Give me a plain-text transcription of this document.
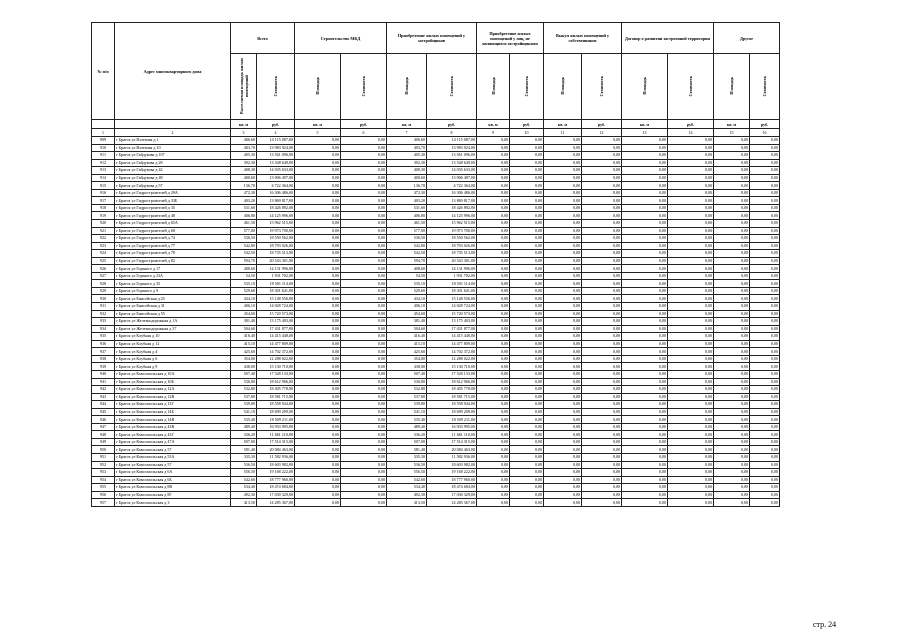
№ п/п	Адрес многоквартирного дома	Всего		Строительство МКД		Приобретение жилых помещений у застройщиков		Приобретение жилых помещений у лиц, не являющихся застройщиками		Выкуп жилых помещений у собственников		Договор о развитии застроенной территории		Другое	
		Расселяемая площадь жилых помещений	Стоимость	Площадь	Стоимость	Площадь	Стоимость	Площадь	Стоимость	Площадь	Стоимость	Площадь	Стоимость	Площадь	Стоимость
		кв. м	руб.	кв. м	руб.	кв. м	руб.	кв. м	руб.	кв. м	руб.	кв. м	руб.	кв. м	руб.
1	2	3	4	5	6	7	8	9	10	11	12	13	14	15	16
909	г Братск ул Взлетная д 1	406,60	14 115 087,00	0,00	0,00	406,60	14 115 087,00	0,00	0,00	0,00	0,00	0,00	0,00	0,00	0,00
910	г Братск ул Взлетная д 10	403,70	13 983 924,00	0,00	0,00	403,70	13 983 924,00	0,00	0,00	0,00	0,00	0,00	0,00	0,00	0,00
911	г Братск ул Гайдукова д 107	405,30	13 561 096,00	0,00	0,00	405,30	13 561 096,00	0,00	0,00	0,00	0,00	0,00	0,00	0,00	0,00
912	г Братск ул Гайдукова д 28	392,30	13 548 649,00	0,00	0,00	392,30	13 548 649,00	0,00	0,00	0,00	0,00	0,00	0,00	0,00	0,00
913	г Братск ул Гайдукова д 42	408,30	14 035 633,00	0,00	0,00	408,30	14 035 633,00	0,00	0,00	0,00	0,00	0,00	0,00	0,00	0,00
914	г Братск ул Гайдукова д 48	400,60	13 906 497,00	0,00	0,00	400,60	13 906 497,00	0,00	0,00	0,00	0,00	0,00	0,00	0,00	0,00
915	г Братск ул Гайдукова д 57	136,70	4 722 364,00	0,00	0,00	136,70	4 722 364,00	0,00	0,00	0,00	0,00	0,00	0,00	0,00	0,00
916	г Братск ул Гидростроителей д 29А	472,30	16 306 486,00	0,00	0,00	472,30	16 306 486,00	0,00	0,00	0,00	0,00	0,00	0,00	0,00	0,00
917	г Братск ул Гидростроителей д 33Б	403,20	13 869 817,00	0,00	0,00	403,20	13 869 817,00	0,00	0,00	0,00	0,00	0,00	0,00	0,00	0,00
918	г Братск ул Гидростроителей д 35	531,60	18 426 892,00	0,00	0,00	531,60	18 426 892,00	0,00	0,00	0,00	0,00	0,00	0,00	0,00	0,00
919	г Братск ул Гидростроителей д 48	406,80	14 125 996,00	0,00	0,00	406,80	14 125 996,00	0,00	0,00	0,00	0,00	0,00	0,00	0,00	0,00
920	г Братск ул Гидростроителей д 65А	461,50	15 962 515,00	0,00	0,00	461,50	15 962 515,00	0,00	0,00	0,00	0,00	0,00	0,00	0,00	0,00
921	г Братск ул Гидростроителей д 68	577,00	19 973 700,00	0,00	0,00	577,00	19 973 700,00	0,00	0,00	0,00	0,00	0,00	0,00	0,00	0,00
922	г Братск ул Гидростроителей д 74	536,50	18 550 562,00	0,00	0,00	536,50	18 550 562,00	0,00	0,00	0,00	0,00	0,00	0,00	0,00	0,00
923	г Братск ул Гидростроителей д 77	542,80	18 793 026,00	0,00	0,00	542,80	18 793 026,00	0,00	0,00	0,00	0,00	0,00	0,00	0,00	0,00
924	г Братск ул Гидростроителей д 78	542,50	18 735 513,00	0,00	0,00	542,50	18 735 513,00	0,00	0,00	0,00	0,00	0,00	0,00	0,00	0,00
925	г Братск ул Гидростроителей д 82	594,70	20 543 301,00	0,00	0,00	594,70	20 543 301,00	0,00	0,00	0,00	0,00	0,00	0,00	0,00	0,00
926	г Братск ул Горького д 17	408,60	14 131 996,00	0,00	0,00	408,60	14 131 996,00	0,00	0,00	0,00	0,00	0,00	0,00	0,00	0,00
927	г Братск ул Горького д 23А	54,50	1 931 702,00	0,00	0,00	54,50	1 931 702,00	0,00	0,00	0,00	0,00	0,00	0,00	0,00	0,00
928	г Братск ул Горького д 35	535,10	18 501 114,00	0,00	0,00	535,10	18 501 114,00	0,00	0,00	0,00	0,00	0,00	0,00	0,00	0,00
929	г Братск ул Горького д 9	529,60	18 301 641,00	0,00	0,00	529,60	18 301 641,00	0,00	0,00	0,00	0,00	0,00	0,00	0,00	0,00
930	г Братск ул Енисейская д 25	434,10	15 148 556,00	0,00	0,00	434,10	15 148 556,00	0,00	0,00	0,00	0,00	0,00	0,00	0,00	0,00
931	г Братск ул Енисейская д 31	406,10	14 028 724,00	0,00	0,00	406,10	14 028 724,00	0,00	0,00	0,00	0,00	0,00	0,00	0,00	0,00
932	г Братск ул Енисейская д 55	454,60	15 720 573,00	0,00	0,00	454,60	15 720 573,00	0,00	0,00	0,00	0,00	0,00	0,00	0,00	0,00
933	г Братск ул Железнодорожная д 1А	381,40	13 175 403,00	0,00	0,00	381,40	13 175 403,00	0,00	0,00	0,00	0,00	0,00	0,00	0,00	0,00
934	г Братск ул Железнодорожная д 37	504,60	17 431 877,00	0,00	0,00	504,60	17 431 877,00	0,00	0,00	0,00	0,00	0,00	0,00	0,00	0,00
935	г Братск ул Клубная д 10	416,40	14 415 448,00	0,00	0,00	416,40	14 415 448,00	0,00	0,00	0,00	0,00	0,00	0,00	0,00	0,00
936	г Братск ул Клубная д 12	415,10	14 477 809,00	0,00	0,00	415,10	14 477 809,00	0,00	0,00	0,00	0,00	0,00	0,00	0,00	0,00
937	г Братск ул Клубная д 4	425,60	14 702 372,00	0,00	0,00	425,60	14 702 372,00	0,00	0,00	0,00	0,00	0,00	0,00	0,00	0,00
938	г Братск ул Клубная д 6	354,00	12 288 022,00	0,00	0,00	354,00	12 288 022,00	0,00	0,00	0,00	0,00	0,00	0,00	0,00	0,00
939	г Братск ул Клубная д 9	438,00	15 130 710,00	0,00	0,00	438,00	15 130 710,00	0,00	0,00	0,00	0,00	0,00	0,00	0,00	0,00
940	г Братск ул Комсомольская д 10А	507,40	17 528 133,00	0,00	0,00	507,40	17 528 133,00	0,00	0,00	0,00	0,00	0,00	0,00	0,00	0,00
941	г Братск ул Комсомольская д 10Б	536,80	18 612 966,00	0,00	0,00	536,80	18 612 966,00	0,00	0,00	0,00	0,00	0,00	0,00	0,00	0,00
942	г Братск ул Комсомольская д 12А	532,80	18 405 778,00	0,00	0,00	532,80	18 405 778,00	0,00	0,00	0,00	0,00	0,00	0,00	0,00	0,00
943	г Братск ул Комсомольская д 12В	537,80	18 581 715,00	0,00	0,00	537,80	18 581 715,00	0,00	0,00	0,00	0,00	0,00	0,00	0,00	0,00
944	г Братск ул Комсомольская д 13Г	539,80	18 558 944,00	0,00	0,00	539,80	18 558 944,00	0,00	0,00	0,00	0,00	0,00	0,00	0,00	0,00
945	г Братск ул Комсомольская д 14Б	541,10	18 699 209,00	0,00	0,00	541,10	18 699 209,00	0,00	0,00	0,00	0,00	0,00	0,00	0,00	0,00
946	г Братск ул Комсомольская д 14В	535,40	18 509 211,00	0,00	0,00	535,40	18 509 211,00	0,00	0,00	0,00	0,00	0,00	0,00	0,00	0,00
947	г Братск ул Комсомольская д 43В	489,40	16 933 995,00	0,00	0,00	489,40	16 933 995,00	0,00	0,00	0,00	0,00	0,00	0,00	0,00	0,00
948	г Братск ул Комсомольская д 43Г	336,20	11 661 110,00	0,00	0,00	336,20	11 661 110,00	0,00	0,00	0,00	0,00	0,00	0,00	0,00	0,00
949	г Братск ул Комсомольская д 47А	507,00	17 514 315,00	0,00	0,00	507,00	17 514 315,00	0,00	0,00	0,00	0,00	0,00	0,00	0,00	0,00
950	г Братск ул Комсомольская д 57	581,40	20 084 463,00	0,00	0,00	581,40	20 084 463,00	0,00	0,00	0,00	0,00	0,00	0,00	0,00	0,00
951	г Братск ул Комсомольская д 53А	335,30	11 582 936,00	0,00	0,00	335,30	11 582 936,00	0,00	0,00	0,00	0,00	0,00	0,00	0,00	0,00
952	г Братск ул Комсомольская д 57	536,50	18 603 982,00	0,00	0,00	536,50	18 603 982,00	0,00	0,00	0,00	0,00	0,00	0,00	0,00	0,00
953	г Братск ул Комсомольская д 6А	556,50	19 168 222,00	0,00	0,00	556,50	19 168 222,00	0,00	0,00	0,00	0,00	0,00	0,00	0,00	0,00
954	г Братск ул Комсомольская д 6Б	542,60	18 777 960,00	0,00	0,00	542,60	18 777 960,00	0,00	0,00	0,00	0,00	0,00	0,00	0,00	0,00
955	г Братск ул Комсомольская д 8В	534,40	18 474 684,00	0,00	0,00	534,40	18 474 684,00	0,00	0,00	0,00	0,00	0,00	0,00	0,00	0,00
956	г Братск ул Комсомольская д 8Г	492,30	17 030 329,00	0,00	0,00	492,30	17 030 329,00	0,00	0,00	0,00	0,00	0,00	0,00	0,00	0,00
957	г Братск ул Комсомольская д 3	413,50	14 285 367,00	0,00	0,00	413,50	14 285 367,00	0,00	0,00	0,00	0,00	0,00	0,00	0,00	0,00
стр. 24
